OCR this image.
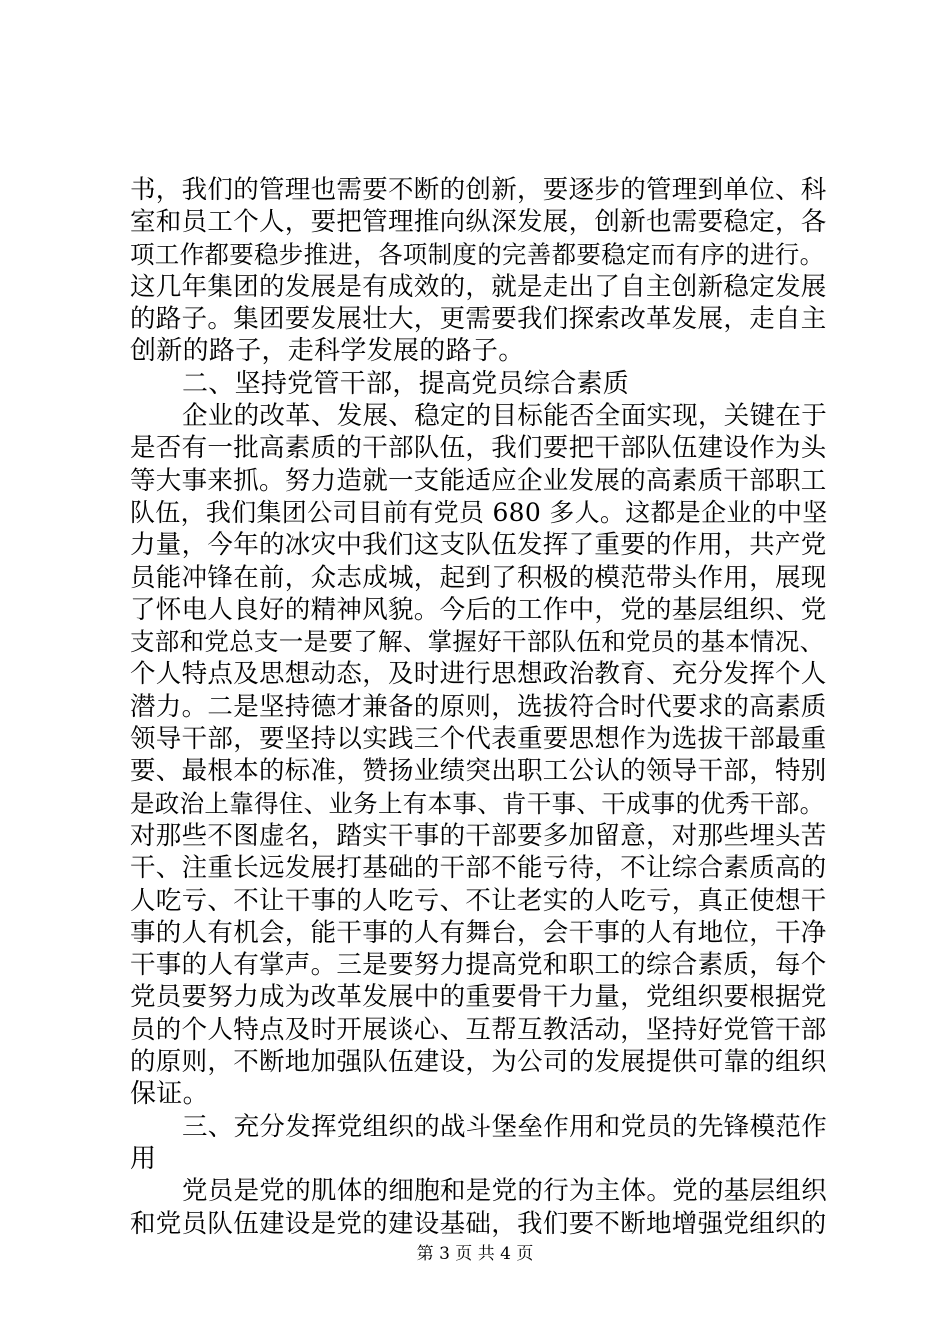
书，我们的管理也需要不断的创新，要逐步的管理到单位、科
室和员工个人，要把管理推向纵深发展，创新也需要稳定，各
项工作都要稳步推进，各项制度的完善都要稳定而有序的进行。
这几年集团的发展是有成效的，就是走出了自主创新稳定发展
的路子。集团要发展壮大，更需要我们探索改革发展，走自主
创新的路子，走科学发展的路子。
二、坚持党管干部，提高党员综合素质
企业的改革、发展、稳定的目标能否全面实现，关键在于
是否有一批高素质的干部队伍，我们要把干部队伍建设作为头
等大事来抓。努力造就一支能适应企业发展的高素质干部职工
队伍，我们集团公司目前有党员 680 多人。这都是企业的中坚
力量，今年的冰灾中我们这支队伍发挥了重要的作用，共产党
员能冲锋在前，众志成城，起到了积极的模范带头作用，展现
了怀电人良好的精神风貌。今后的工作中，党的基层组织、党
支部和党总支一是要了解、掌握好干部队伍和党员的基本情况、
个人特点及思想动态，及时进行思想政治教育、充分发挥个人
潜力。二是坚持德才兼备的原则，选拔符合时代要求的高素质
领导干部，要坚持以实践三个代表重要思想作为选拔干部最重
要、最根本的标准，赞扬业绩突出职工公认的领导干部，特别
是政治上靠得住、业务上有本事、肯干事、干成事的优秀干部。
对那些不图虚名，踏实干事的干部要多加留意，对那些埋头苦
干、注重长远发展打基础的干部不能亏待，不让综合素质高的
人吃亏、不让干事的人吃亏、不让老实的人吃亏，真正使想干
事的人有机会，能干事的人有舞台，会干事的人有地位，干净
干事的人有掌声。三是要努力提高党和职工的综合素质，每个
党员要努力成为改革发展中的重要骨干力量，党组织要根据党
员的个人特点及时开展谈心、互帮互教活动，坚持好党管干部
的原则，不断地加强队伍建设，为公司的发展提供可靠的组织
保证。
三、充分发挥党组织的战斗堡垒作用和党员的先锋模范作
用
党员是党的肌体的细胞和是党的行为主体。党的基层组织
和党员队伍建设是党的建设基础，我们要不断地增强党组织的
第 3 页 共 4 页
